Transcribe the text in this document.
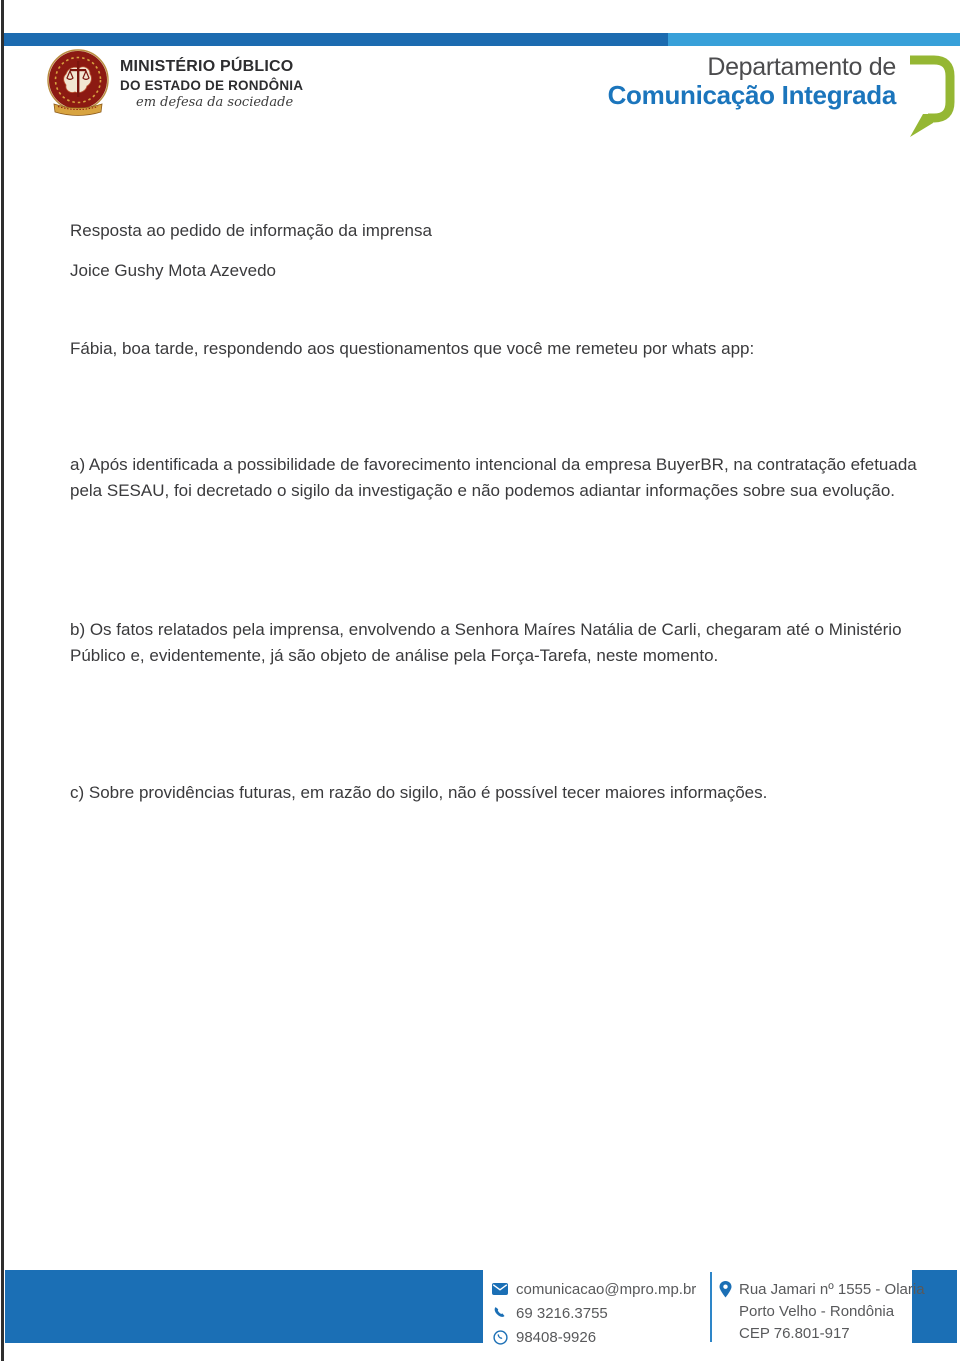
MINISTÉRIO PÚBLICO
DO ESTADO DE RONDÔNIA
em defesa da sociedade
Departamento de
Comunicação Integrada

Resposta ao pedido de informação da imprensa

Joice Gushy Mota Azevedo

Fábia, boa tarde, respondendo aos questionamentos que você me remeteu por whats app:

a) Após identificada a possibilidade de favorecimento intencional da empresa BuyerBR, na contratação efetuada pela SESAU, foi decretado o sigilo da investigação e não podemos adiantar informações sobre sua evolução.

b) Os fatos relatados pela imprensa, envolvendo a Senhora Maíres Natália de Carli, chegaram até o Ministério Público e, evidentemente, já são objeto de análise pela Força-Tarefa, neste momento.

c) Sobre providências futuras, em razão do sigilo, não é possível tecer maiores informações.

comunicacao@mpro.mp.br
69 3216.3755
98408-9926
Rua Jamari nº 1555 - Olaria
Porto Velho - Rondônia
CEP 76.801-917
